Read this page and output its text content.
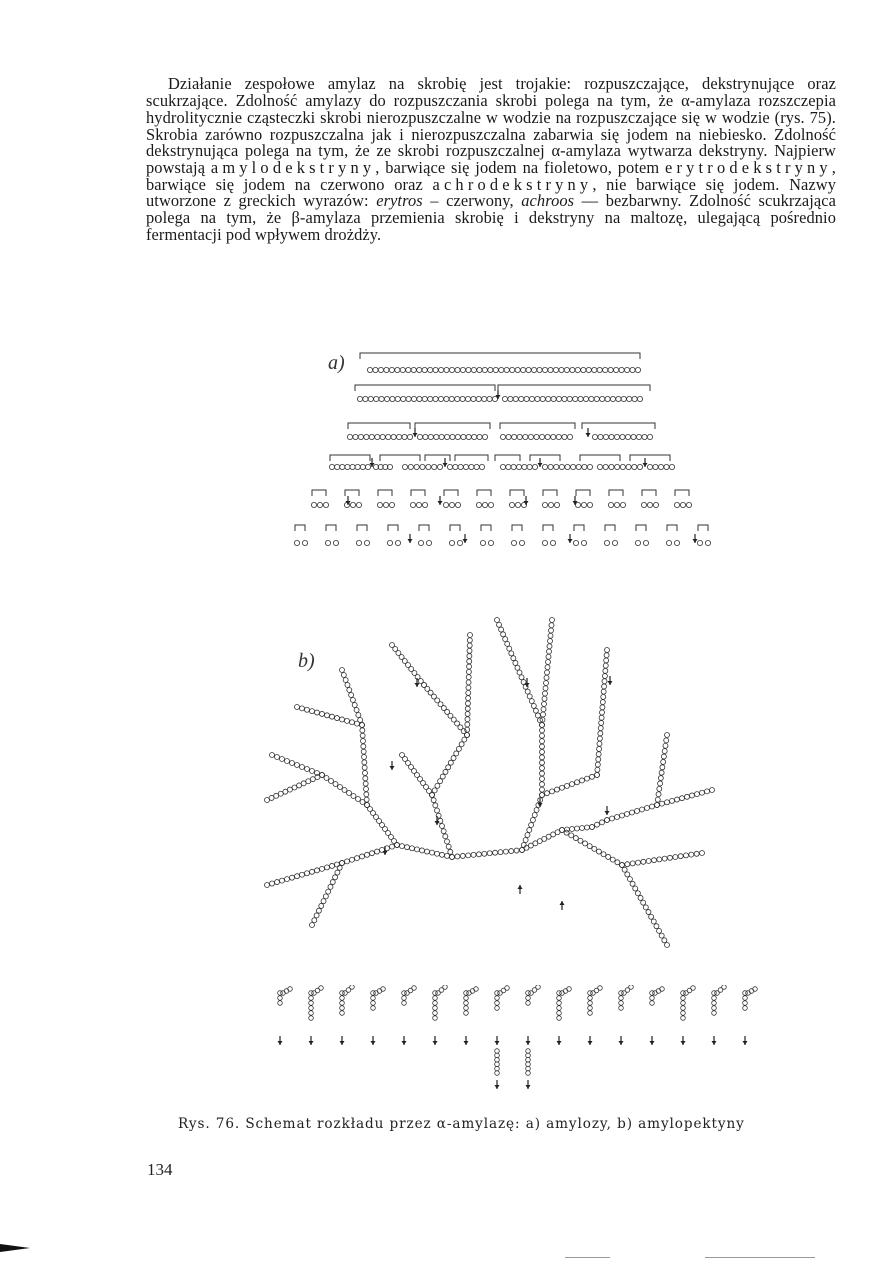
Działanie zespołowe amylaz na skrobię jest trojakie: rozpuszczające, dekstrynujące oraz scukrzające. Zdolność amylazy do rozpuszczania skrobi polega na tym, że α-amylaza rozszczepia hydrolitycznie cząsteczki skrobi nierozpuszczalne w wodzie na rozpuszczające się w wodzie (rys. 75). Skrobia zarówno rozpuszczalna jak i nierozpuszczalna zabarwia się jodem na niebiesko. Zdolność dekstrynująca polega na tym, że ze skrobi rozpuszczalnej α-amylaza wytwarza dekstryny. Najpierw powstają amylodekstryny, barwiące się jodem na fioletowo, potem erytrodekstryny, barwiące się jodem na czerwono oraz achrodekstryny, nie barwiące się jodem. Nazwy utworzone z greckich wyrazów: erytros – czerwony, achroos — bezbarwny. Zdolność scukrzająca polega na tym, że β-amylaza przemienia skrobię i dekstryny na maltozę, ulegającą pośrednio fermentacji pod wpływem drożdży.

a)
b)
Rys. 76. Schemat rozkładu przez α-amylazę: a) amylozy, b) amylopektyny
134
